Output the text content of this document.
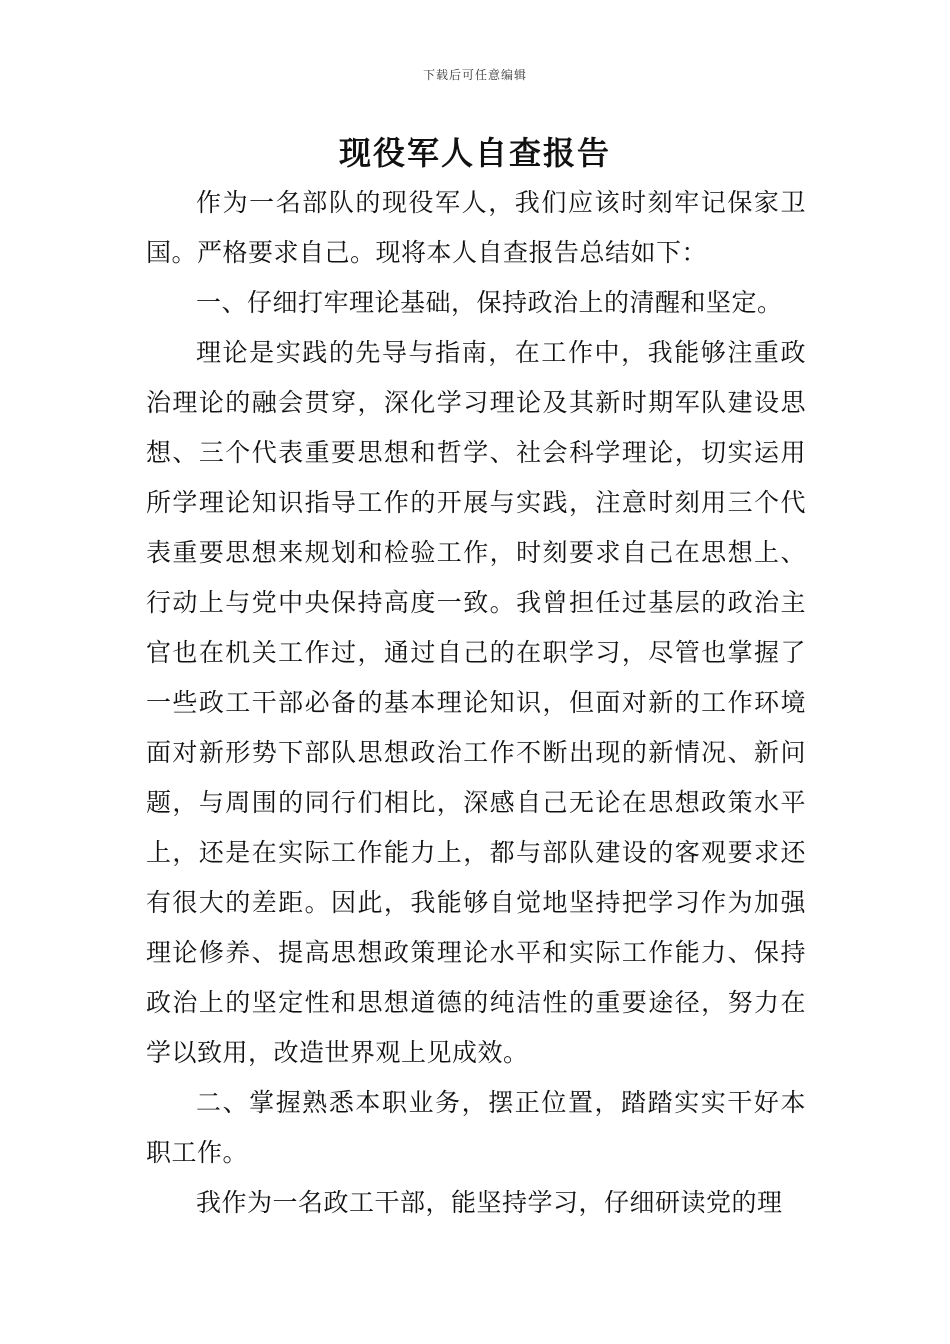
下载后可任意编辑
现役军人自查报告

作为一名部队的现役军人，我们应该时刻牢记保家卫国。严格要求自己。现将本人自查报告总结如下：

一、仔细打牢理论基础，保持政治上的清醒和坚定。

理论是实践的先导与指南，在工作中，我能够注重政治理论的融会贯穿，深化学习理论及其新时期军队建设思想、三个代表重要思想和哲学、社会科学理论，切实运用所学理论知识指导工作的开展与实践，注意时刻用三个代表重要思想来规划和检验工作，时刻要求自己在思想上、行动上与党中央保持高度一致。我曾担任过基层的政治主官也在机关工作过，通过自己的在职学习，尽管也掌握了一些政工干部必备的基本理论知识，但面对新的工作环境面对新形势下部队思想政治工作不断出现的新情况、新问题，与周围的同行们相比，深感自己无论在思想政策水平上，还是在实际工作能力上，都与部队建设的客观要求还有很大的差距。因此，我能够自觉地坚持把学习作为加强理论修养、提高思想政策理论水平和实际工作能力、保持政治上的坚定性和思想道德的纯洁性的重要途径，努力在学以致用，改造世界观上见成效。

二、掌握熟悉本职业务，摆正位置，踏踏实实干好本职工作。

我作为一名政工干部，能坚持学习，仔细研读党的理
